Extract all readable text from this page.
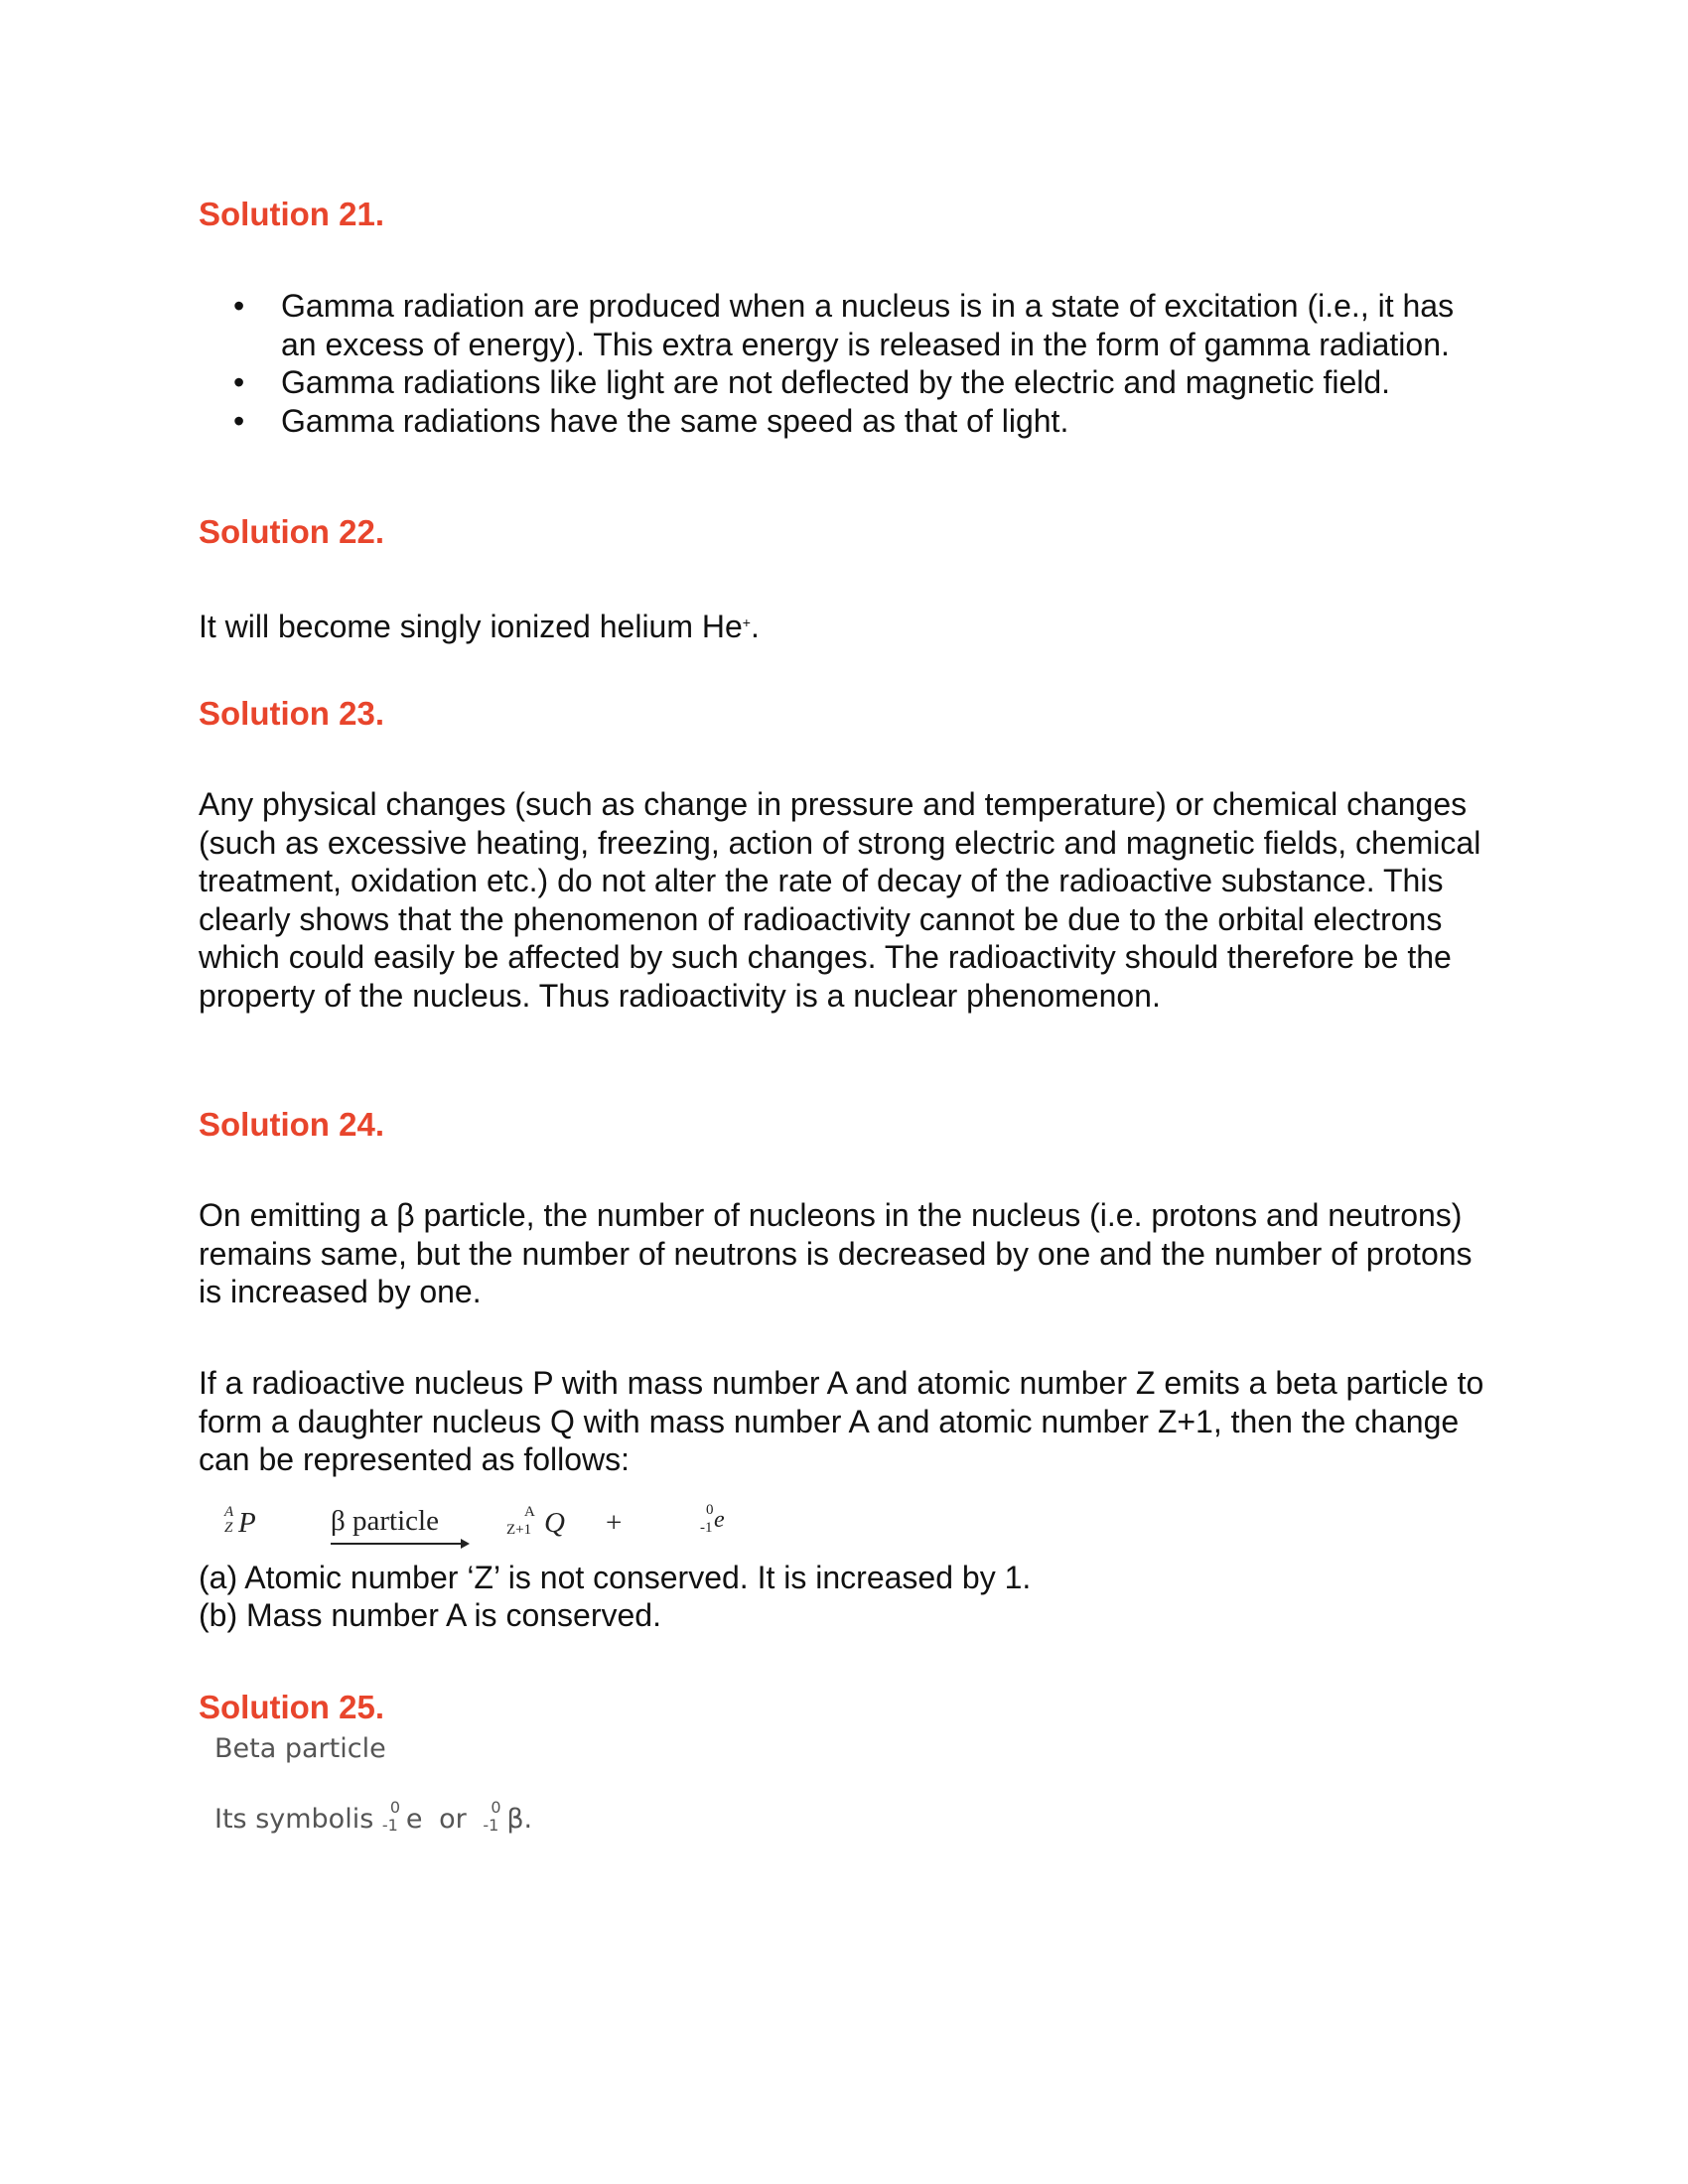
Solution 21.
• Gamma radiation are produced when a nucleus is in a state of excitation (i.e., it has an excess of energy). This extra energy is released in the form of gamma radiation.
• Gamma radiations like light are not deflected by the electric and magnetic field.
• Gamma radiations have the same speed as that of light.
Solution 22.

It will become singly ionized helium He+.

Solution 23.

Any physical changes (such as change in pressure and temperature) or chemical changes (such as excessive heating, freezing, action of strong electric and magnetic fields, chemical treatment, oxidation etc.) do not alter the rate of decay of the radioactive substance. This clearly shows that the phenomenon of radioactivity cannot be due to the orbital electrons which could easily be affected by such changes. The radioactivity should therefore be the property of the nucleus. Thus radioactivity is a nuclear phenomenon.

Solution 24.

On emitting a β particle, the number of nucleons in the nucleus (i.e. protons and neutrons) remains same, but the number of neutrons is decreased by one and the number of protons is increased by one.

If a radioactive nucleus P with mass number A and atomic number Z emits a beta particle to form a daughter nucleus Q with mass number A and atomic number Z+1, then the change can be represented as follows:

A
Z P	β particle	A
Z+1 Q +	0
-1 e

(a) Atomic number ‘Z’ is not conserved. It is increased by 1.

(b) Mass number A is conserved.

Solution 25.
Beta particle
Its symbolis 0
-1 e or 0
-1 β.
